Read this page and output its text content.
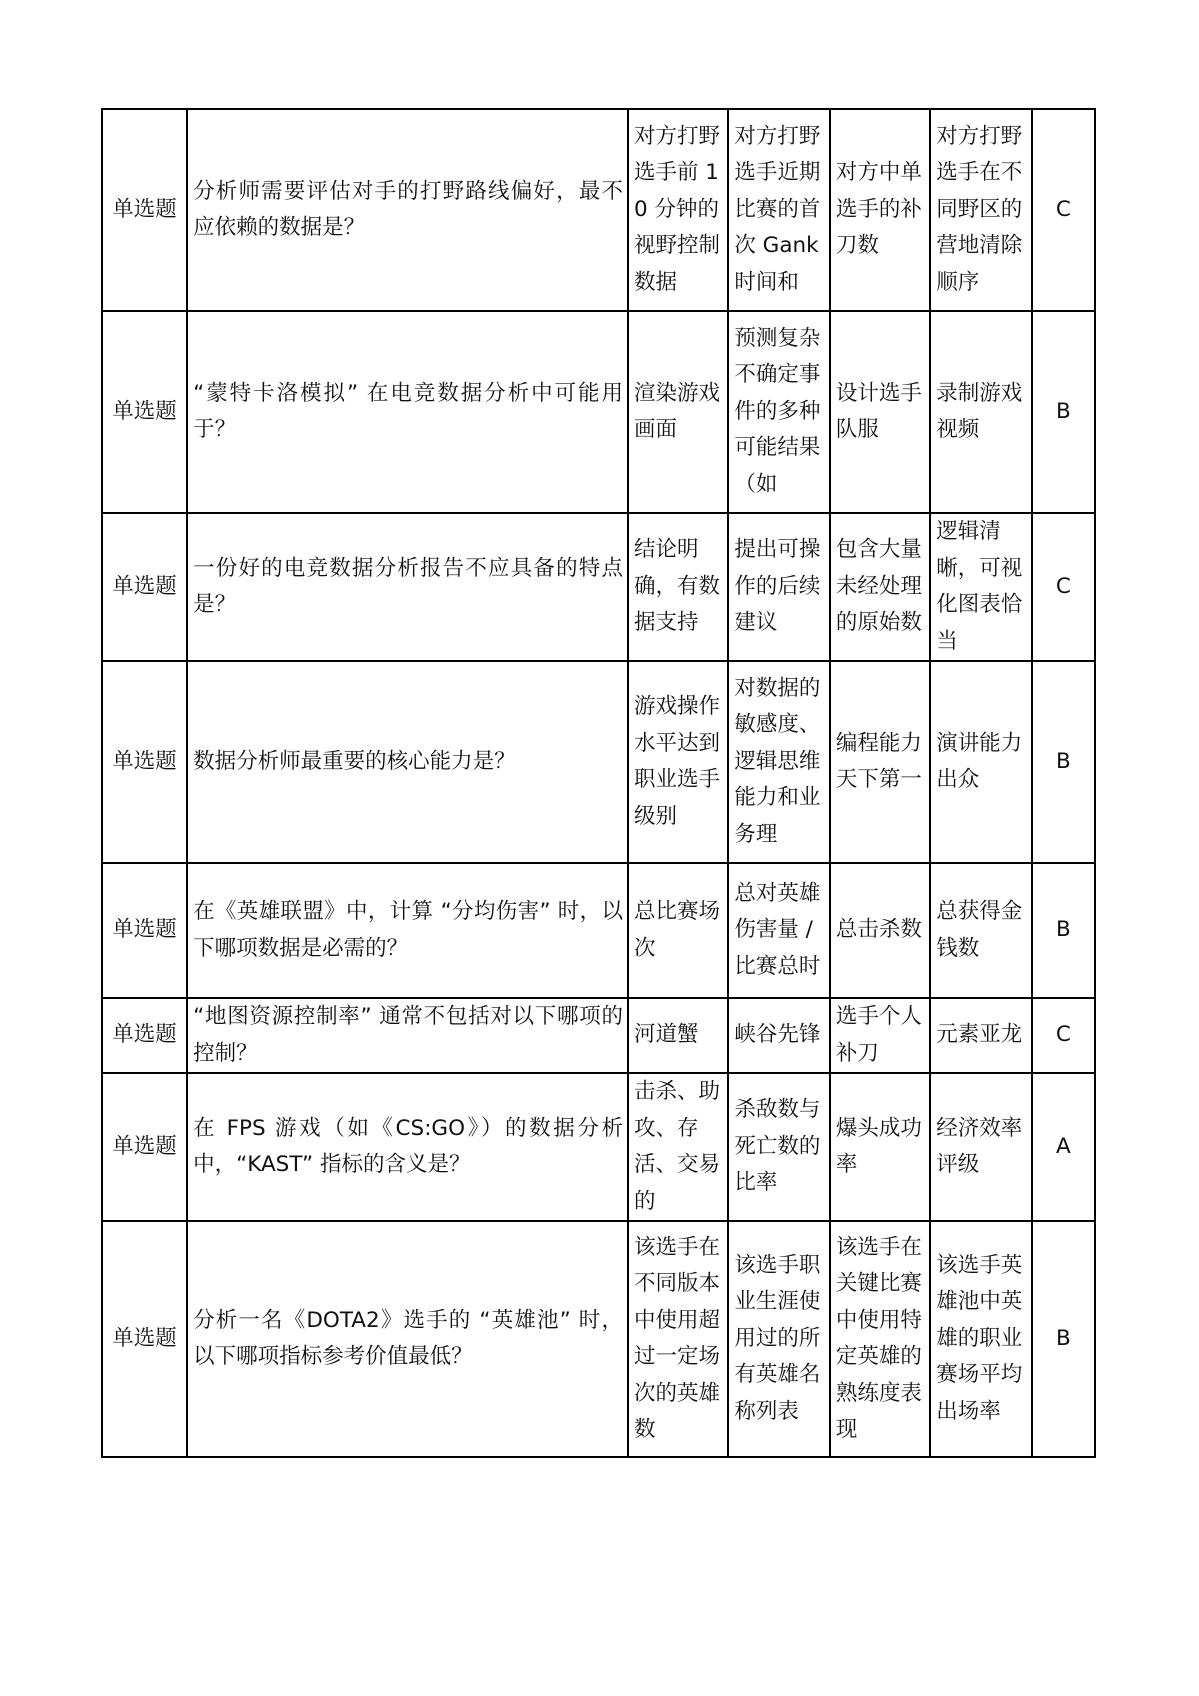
单选题	分析师需要评估对手的打野路线偏好，最不应依赖的数据是？	对方打野选手前 10 分钟的视野控制数据	对方打野选手近期比赛的首次 Gank 时间和	对方中单选手的补刀数	对方打野选手在不同野区的营地清除顺序	C

单选题	“蒙特卡洛模拟” 在电竞数据分析中可能用于？	渲染游戏画面	预测复杂不确定事件的多种可能结果（如	设计选手队服	录制游戏视频	B

单选题	一份好的电竞数据分析报告不应具备的特点是？	结论明确，有数据支持	提出可操作的后续建议	包含大量未经处理的原始数	逻辑清晰，可视化图表恰当	C

单选题	数据分析师最重要的核心能力是？	游戏操作水平达到职业选手级别	对数据的敏感度、逻辑思维能力和业务理	编程能力天下第一	演讲能力出众	B

单选题	在《英雄联盟》中，计算 “分均伤害” 时，以下哪项数据是必需的？	总比赛场次	总对英雄伤害量 / 比赛总时	总击杀数	总获得金钱数	B

单选题	“地图资源控制率” 通常不包括对以下哪项的控制？	河道蟹	峡谷先锋	选手个人补刀	元素亚龙	C

单选题	在 FPS 游戏（如《CS:GO》）的数据分析中，“KAST” 指标的含义是？	击杀、助攻、存活、交易的	杀敌数与死亡数的比率	爆头成功率	经济效率评级	A

单选题	分析一名《DOTA2》选手的 “英雄池” 时，以下哪项指标参考价值最低？	该选手在不同版本中使用超过一定场次的英雄数	该选手职业生涯使用过的所有英雄名称列表	该选手在关键比赛中使用特定英雄的熟练度表现	该选手英雄池中英雄的职业赛场平均出场率	B
